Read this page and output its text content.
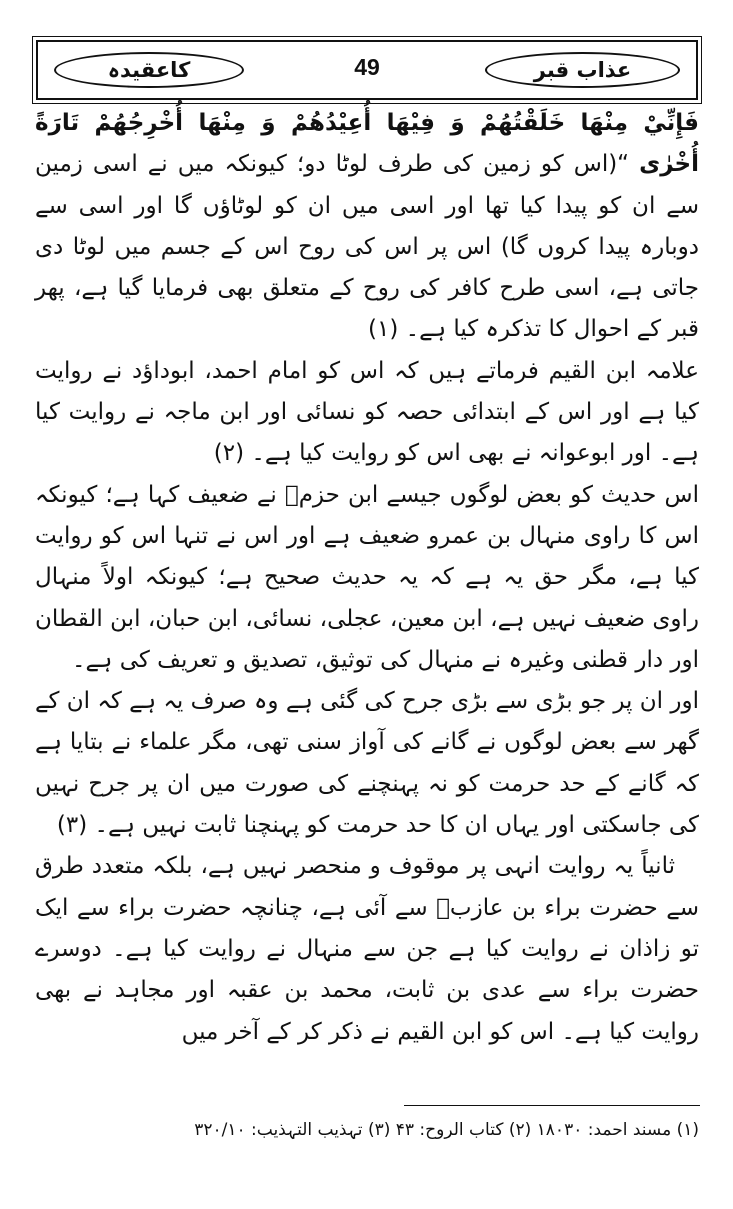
کاعقیدہ	49	عذاب قبر

فَإِنِّيْ مِنْهَا خَلَقْتُهُمْ وَ فِيْهَا أُعِيْدُهُمْ وَ مِنْهَا أُخْرِجُهُمْ تَارَةً أُخْرٰى “(اس کو زمین کی طرف لوٹا دو؛ کیونکہ میں نے اسی زمین سے ان کو پیدا کیا تھا اور اسی میں ان کو لوٹاؤں گا اور اسی سے دوبارہ پیدا کروں گا) اس پر اس کی روح اس کے جسم میں لوٹا دی جاتی ہے، اسی طرح کافر کی روح کے متعلق بھی فرمایا گیا ہے، پھر قبر کے احوال کا تذکرہ کیا ہے۔ (۱)

علامہ ابن القیم فرماتے ہیں کہ اس کو امام احمد، ابوداؤد نے روایت کیا ہے اور اس کے ابتدائی حصہ کو نسائی اور ابن ماجہ نے روایت کیا ہے۔ اور ابوعوانہ نے بھی اس کو روایت کیا ہے۔ (۲)

اس حدیث کو بعض لوگوں جیسے ابن حزمؒ نے ضعیف کہا ہے؛ کیونکہ اس کا راوی منہال بن عمرو ضعیف ہے اور اس نے تنہا اس کو روایت کیا ہے، مگر حق یہ ہے کہ یہ حدیث صحیح ہے؛ کیونکہ اولاً منہال راوی ضعیف نہیں ہے، ابن معین، عجلی، نسائی، ابن حبان، ابن القطان اور دار قطنی وغیرہ نے منہال کی توثیق، تصدیق و تعریف کی ہے۔

اور ان پر جو بڑی سے بڑی جرح کی گئی ہے وہ صرف یہ ہے کہ ان کے گھر سے بعض لوگوں نے گانے کی آواز سنی تھی، مگر علماء نے بتایا ہے کہ گانے کے حد حرمت کو نہ پہنچنے کی صورت میں ان پر جرح نہیں کی جاسکتی اور یہاں ان کا حد حرمت کو پہنچنا ثابت نہیں ہے۔ (۳)

ثانیاً یہ روایت انہی پر موقوف و منحصر نہیں ہے، بلکہ متعدد طرق سے حضرت براء بن عازبؓ سے آئی ہے، چنانچہ حضرت براء سے ایک تو زاذان نے روایت کیا ہے جن سے منہال نے روایت کیا ہے۔ دوسرے حضرت براء سے عدی بن ثابت، محمد بن عقبہ اور مجاہد نے بھی روایت کیا ہے۔ اس کو ابن القیم نے ذکر کر کے آخر میں

(۱) مسند احمد: ۱۸۰۳۰ (۲) کتاب الروح: ۴۳ (۳) تہذیب التہذیب: ۳۲۰/۱۰
